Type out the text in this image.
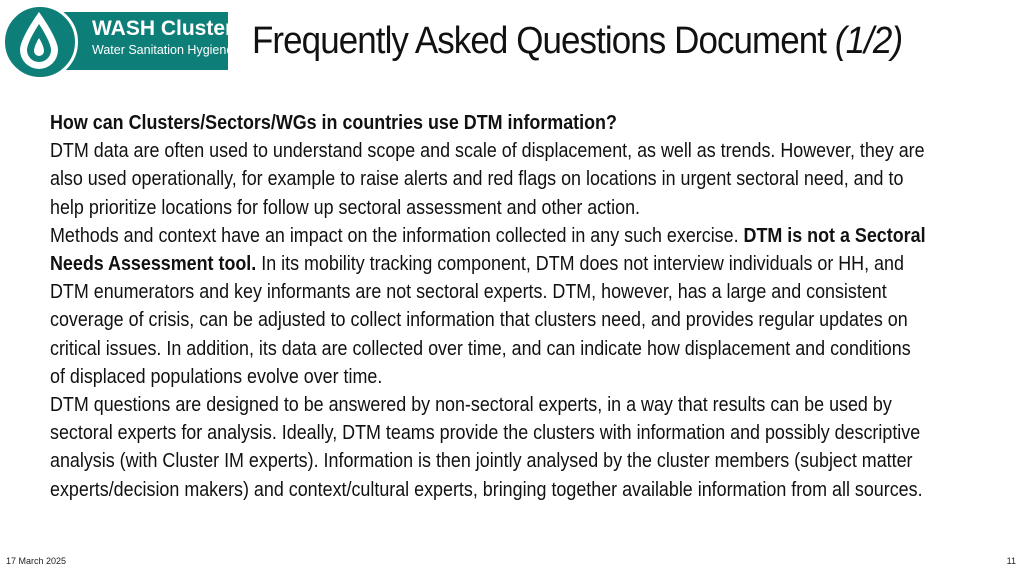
WASH Cluster
Water Sanitation Hygiene Frequently Asked Questions Document (1/2)

How can Clusters/Sectors/WGs in countries use DTM information?

DTM data are often used to understand scope and scale of displacement, as well as trends. However, they are also used operationally, for example to raise alerts and red flags on locations in urgent sectoral need, and to help prioritize locations for follow up sectoral assessment and other action.

Methods and context have an impact on the information collected in any such exercise. DTM is not a Sectoral Needs Assessment tool. In its mobility tracking component, DTM does not interview individuals or HH, and DTM enumerators and key informants are not sectoral experts. DTM, however, has a large and consistent coverage of crisis, can be adjusted to collect information that clusters need, and provides regular updates on critical issues. In addition, its data are collected over time, and can indicate how displacement and conditions of displaced populations evolve over time.

DTM questions are designed to be answered by non-sectoral experts, in a way that results can be used by sectoral experts for analysis. Ideally, DTM teams provide the clusters with information and possibly descriptive analysis (with Cluster IM experts). Information is then jointly analysed by the cluster members (subject matter experts/decision makers) and context/cultural experts, bringing together available information from all sources.

17 March 2025	11
